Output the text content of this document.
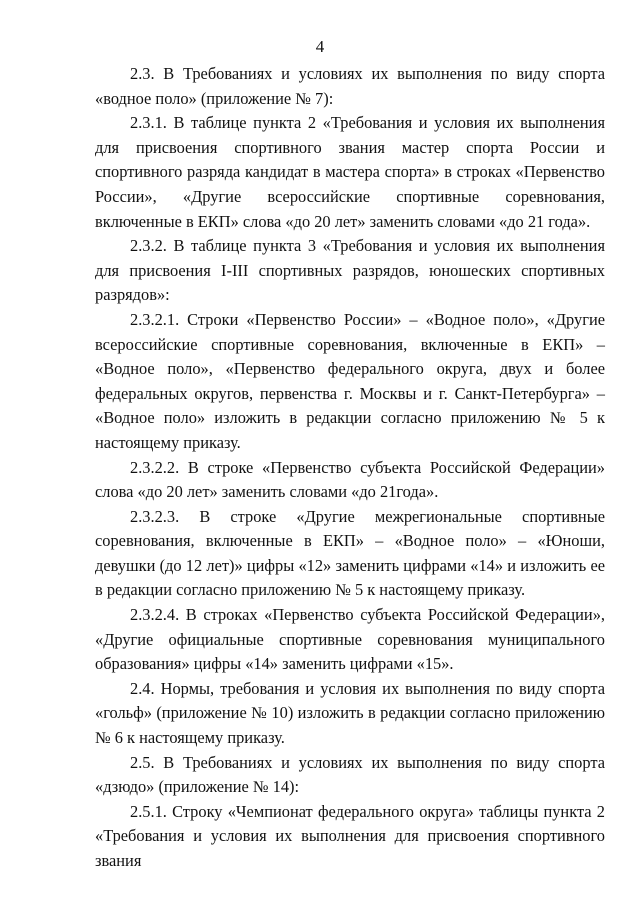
4

2.3. В Требованиях и условиях их выполнения по виду спорта «водное поло» (приложение № 7):

2.3.1. В таблице пункта 2 «Требования и условия их выполнения для присвоения спортивного звания мастер спорта России и спортивного разряда кандидат в мастера спорта» в строках «Первенство России», «Другие всероссийские спортивные соревнования, включенные в ЕКП» слова «до 20 лет» заменить словами «до 21 года».

2.3.2. В таблице пункта 3 «Требования и условия их выполнения для присвоения I-III спортивных разрядов, юношеских спортивных разрядов»:

2.3.2.1. Строки «Первенство России» – «Водное поло», «Другие всероссийские спортивные соревнования, включенные в ЕКП» – «Водное поло», «Первенство федерального округа, двух и более федеральных округов, первенства г. Москвы и г. Санкт-Петербурга» – «Водное поло» изложить в редакции согласно приложению № 5 к настоящему приказу.

2.3.2.2. В строке «Первенство субъекта Российской Федерации» слова «до 20 лет» заменить словами «до 21года».

2.3.2.3. В строке «Другие межрегиональные спортивные соревнования, включенные в ЕКП» – «Водное поло» – «Юноши, девушки (до 12 лет)» цифры «12» заменить цифрами «14» и изложить ее в редакции согласно приложению № 5 к настоящему приказу.

2.3.2.4. В строках «Первенство субъекта Российской Федерации», «Другие официальные спортивные соревнования муниципального образования» цифры «14» заменить цифрами «15».

2.4. Нормы, требования и условия их выполнения по виду спорта «гольф» (приложение № 10) изложить в редакции согласно приложению № 6 к настоящему приказу.

2.5. В Требованиях и условиях их выполнения по виду спорта «дзюдо» (приложение № 14):

2.5.1. Строку «Чемпионат федерального округа» таблицы пункта 2 «Требования и условия их выполнения для присвоения спортивного звания
